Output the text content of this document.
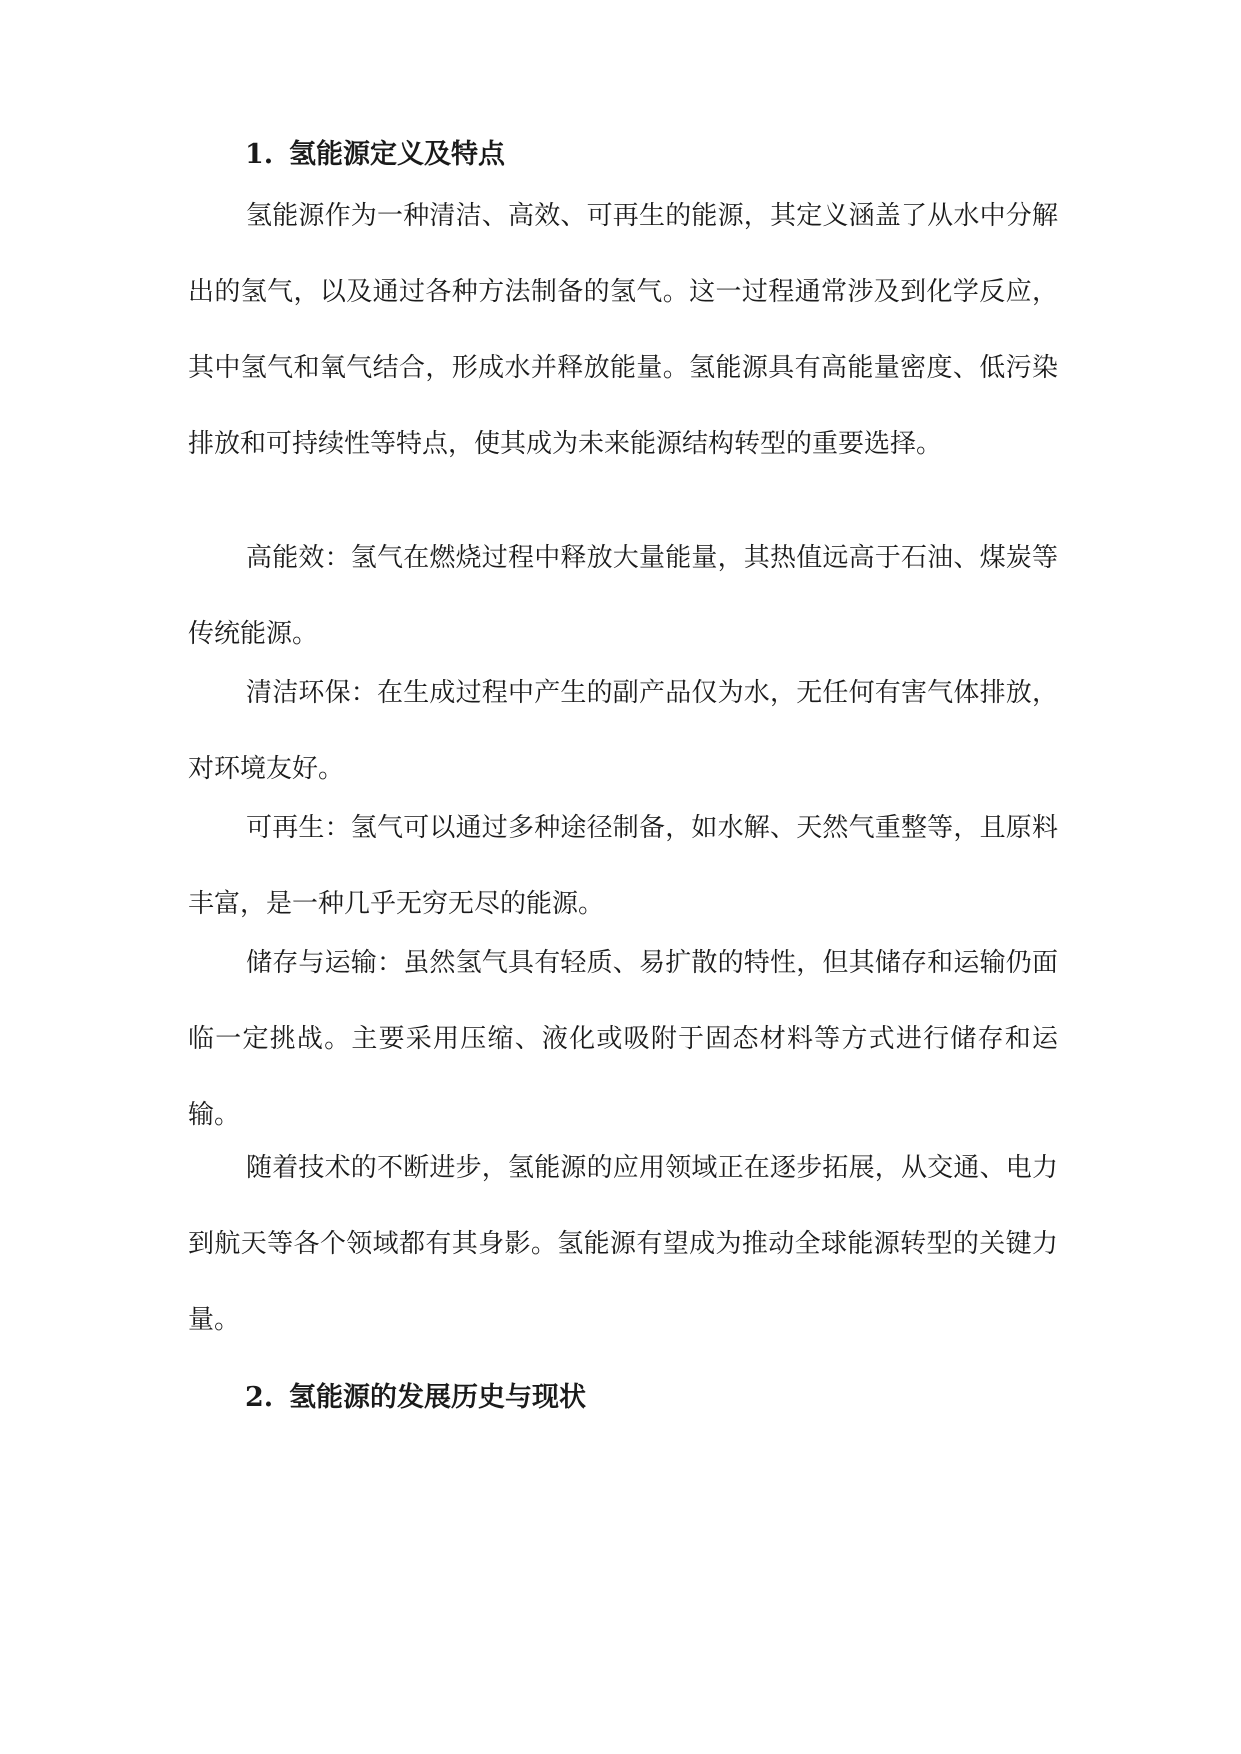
1. 氢能源定义及特点

氢能源作为一种清洁、高效、可再生的能源，其定义涵盖了从水中分解出的氢气，以及通过各种方法制备的氢气。这一过程通常涉及到化学反应，其中氢气和氧气结合，形成水并释放能量。氢能源具有高能量密度、低污染排放和可持续性等特点，使其成为未来能源结构转型的重要选择。

高能效：氢气在燃烧过程中释放大量能量，其热值远高于石油、煤炭等传统能源。

清洁环保：在生成过程中产生的副产品仅为水，无任何有害气体排放，对环境友好。

可再生：氢气可以通过多种途径制备，如水解、天然气重整等，且原料丰富，是一种几乎无穷无尽的能源。

储存与运输：虽然氢气具有轻质、易扩散的特性，但其储存和运输仍面临一定挑战。主要采用压缩、液化或吸附于固态材料等方式进行储存和运输。

随着技术的不断进步，氢能源的应用领域正在逐步拓展，从交通、电力到航天等各个领域都有其身影。氢能源有望成为推动全球能源转型的关键力量。

2. 氢能源的发展历史与现状
